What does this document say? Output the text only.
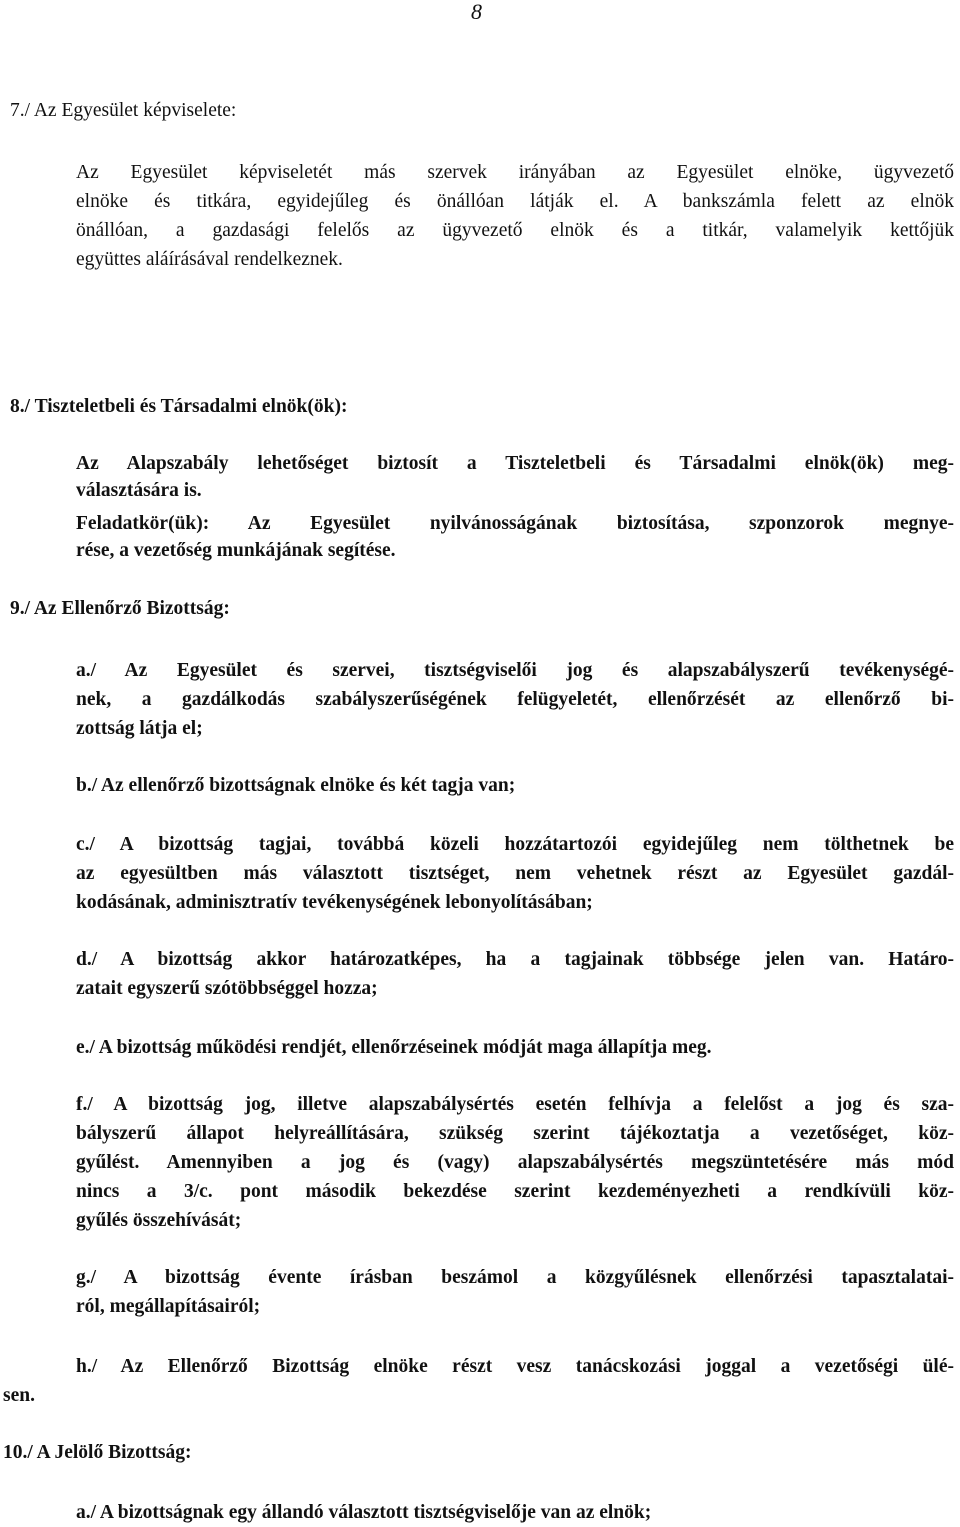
8
7./ Az Egyesület képviselete:
Az Egyesület képviseletét más szervek irányában az Egyesület elnöke, ügyvezető
elnöke és titkára, egyidejűleg és önállóan látják el. A bankszámla felett az elnök
önállóan, a gazdasági felelős az ügyvezető elnök és a titkár, valamelyik kettőjük
együttes aláírásával rendelkeznek.
8./ Tiszteletbeli és Társadalmi elnök(ök):
Az Alapszabály lehetőséget biztosít a Tiszteletbeli és Társadalmi elnök(ök) meg-
választására is.
Feladatkör(ük): Az Egyesület nyilvánosságának biztosítása, szponzorok megnye-
rése, a vezetőség munkájának segítése.
9./ Az Ellenőrző Bizottság:
a./ Az Egyesület és szervei, tisztségviselői jog és alapszabályszerű tevékenységé-
nek, a gazdálkodás szabályszerűségének felügyeletét, ellenőrzését az ellenőrző bi-
zottság látja el;
b./ Az ellenőrző bizottságnak elnöke és két tagja van;
c./ A bizottság tagjai, továbbá közeli hozzátartozói egyidejűleg nem tölthetnek be
az egyesültben más választott tisztséget, nem vehetnek részt az Egyesület gazdál-
kodásának, adminisztratív tevékenységének lebonyolításában;
d./ A bizottság akkor határozatképes, ha a tagjainak többsége jelen van. Határo-
zatait egyszerű szótöbbséggel hozza;
e./ A bizottság működési rendjét, ellenőrzéseinek módját maga állapítja meg.
f./ A bizottság jog, illetve alapszabálysértés esetén felhívja a felelőst a jog és sza-
bályszerű állapot helyreállítására, szükség szerint tájékoztatja a vezetőséget, köz-
gyűlést. Amennyiben a jog és (vagy) alapszabálysértés megszüntetésére más mód
nincs a 3/c. pont második bekezdése szerint kezdeményezheti a rendkívüli köz-
gyűlés összehívását;
g./ A bizottság évente írásban beszámol a közgyűlésnek ellenőrzési tapasztalatai-
ról, megállapításairól;
h./ Az Ellenőrző Bizottság elnöke részt vesz tanácskozási joggal a vezetőségi ülé-
sen.
10./ A Jelölő Bizottság:
a./ A bizottságnak egy állandó választott tisztségviselője van az elnök;
